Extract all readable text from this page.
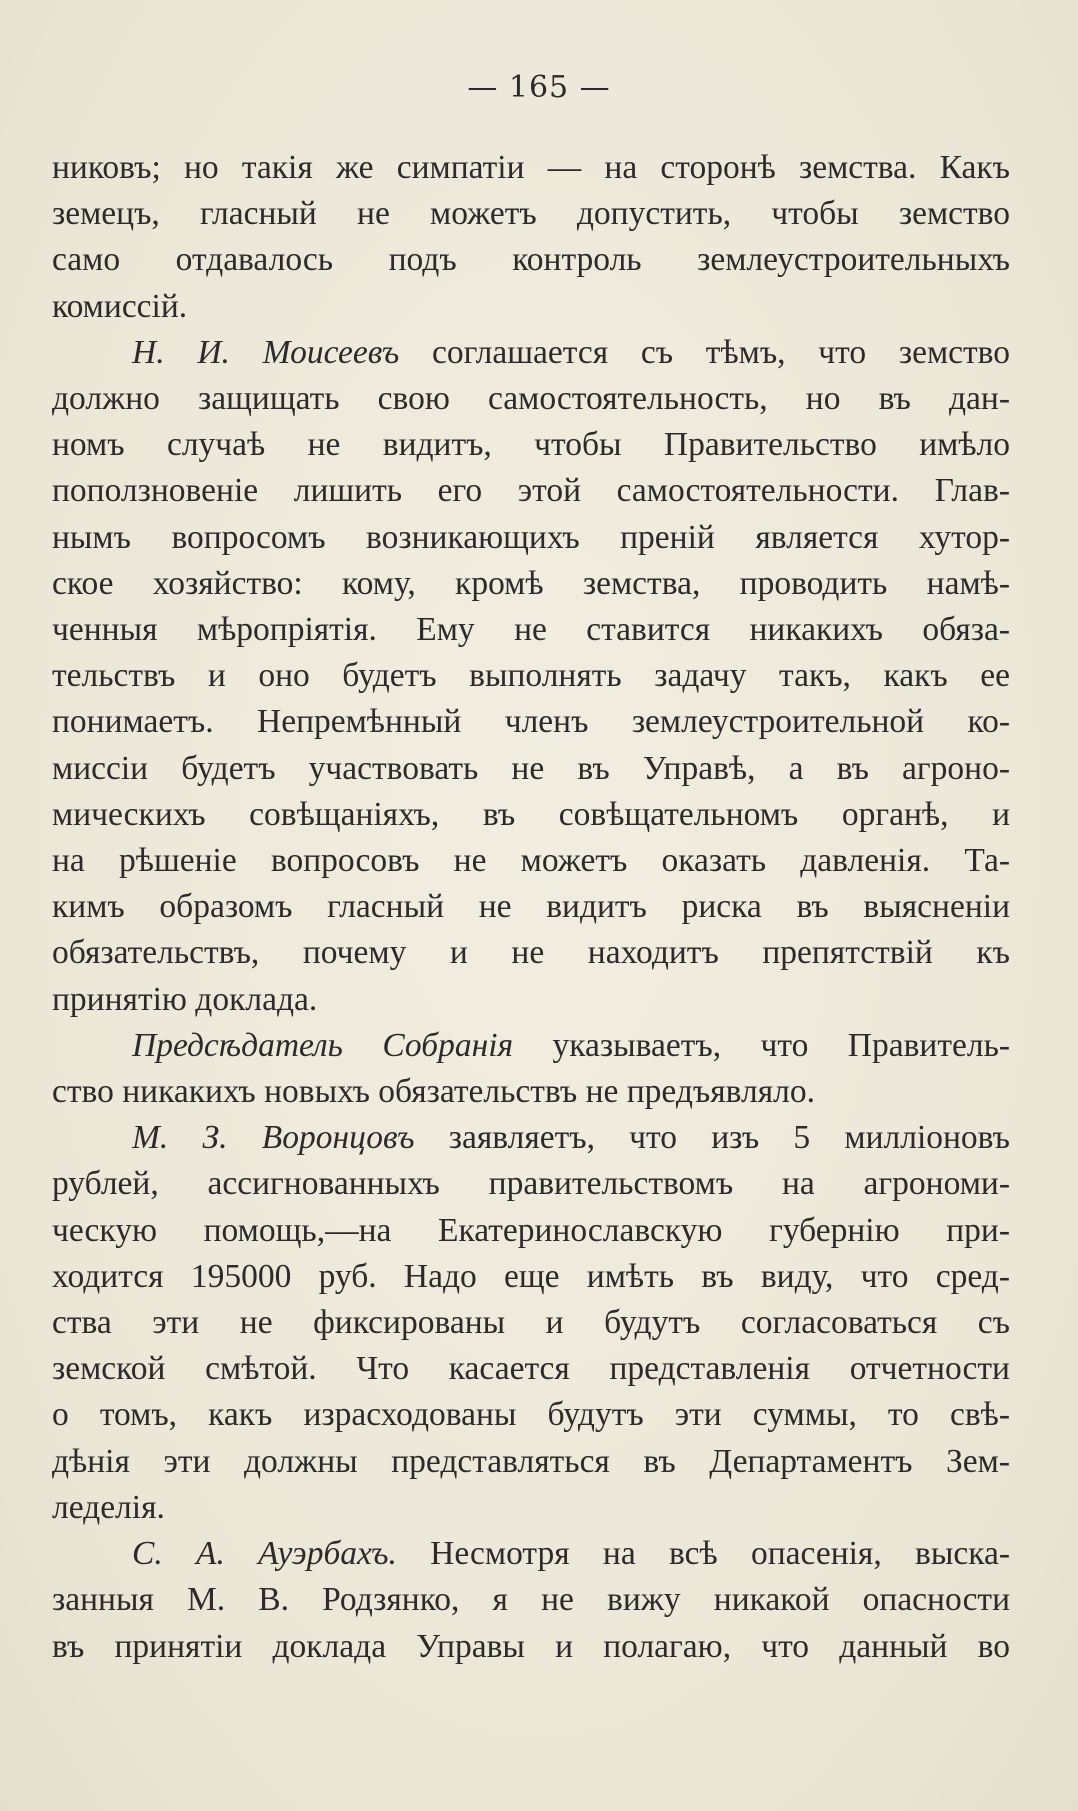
— 165 —
никовъ; но такія же симпатіи — на сторонѣ земства. Какъ
земецъ, гласный не можетъ допустить, чтобы земство
само отдавалось подъ контроль землеустроительныхъ
комиссій.
Н. И. Моисеевъ соглашается съ тѣмъ, что земство
должно защищать свою самостоятельность, но въ дан-
номъ случаѣ не видитъ, чтобы Правительство имѣло
поползновеніе лишить его этой самостоятельности. Глав-
нымъ вопросомъ возникающихъ преній является хутор-
ское хозяйство: кому, кромѣ земства, проводить намѣ-
ченныя мѣропріятія. Ему не ставится никакихъ обяза-
тельствъ и оно будетъ выполнять задачу такъ, какъ ее
понимаетъ. Непремѣнный членъ землеустроительной ко-
миссіи будетъ участвовать не въ Управѣ, а въ агроно-
мическихъ совѣщаніяхъ, въ совѣщательномъ органѣ, и
на рѣшеніе вопросовъ не можетъ оказать давленія. Та-
кимъ образомъ гласный не видитъ риска въ выясненіи
обязательствъ, почему и не находитъ препятствій къ
принятію доклада.
Предсѣдатель Собранія указываетъ, что Правитель-
ство никакихъ новыхъ обязательствъ не предъявляло.
М. З. Воронцовъ заявляетъ, что изъ 5 милліоновъ
рублей, ассигнованныхъ правительствомъ на агрономи-
ческую помощь,—на Екатеринославскую губернію при-
ходится 195000 руб. Надо еще имѣть въ виду, что сред-
ства эти не фиксированы и будутъ согласоваться съ
земской смѣтой. Что касается представленія отчетности
о томъ, какъ израсходованы будутъ эти суммы, то свѣ-
дѣнія эти должны представляться въ Департаментъ Зем-
леделія.
С. А. Ауэрбахъ. Несмотря на всѣ опасенія, выска-
занныя М. В. Родзянко, я не вижу никакой опасности
въ принятіи доклада Управы и полагаю, что данный во
